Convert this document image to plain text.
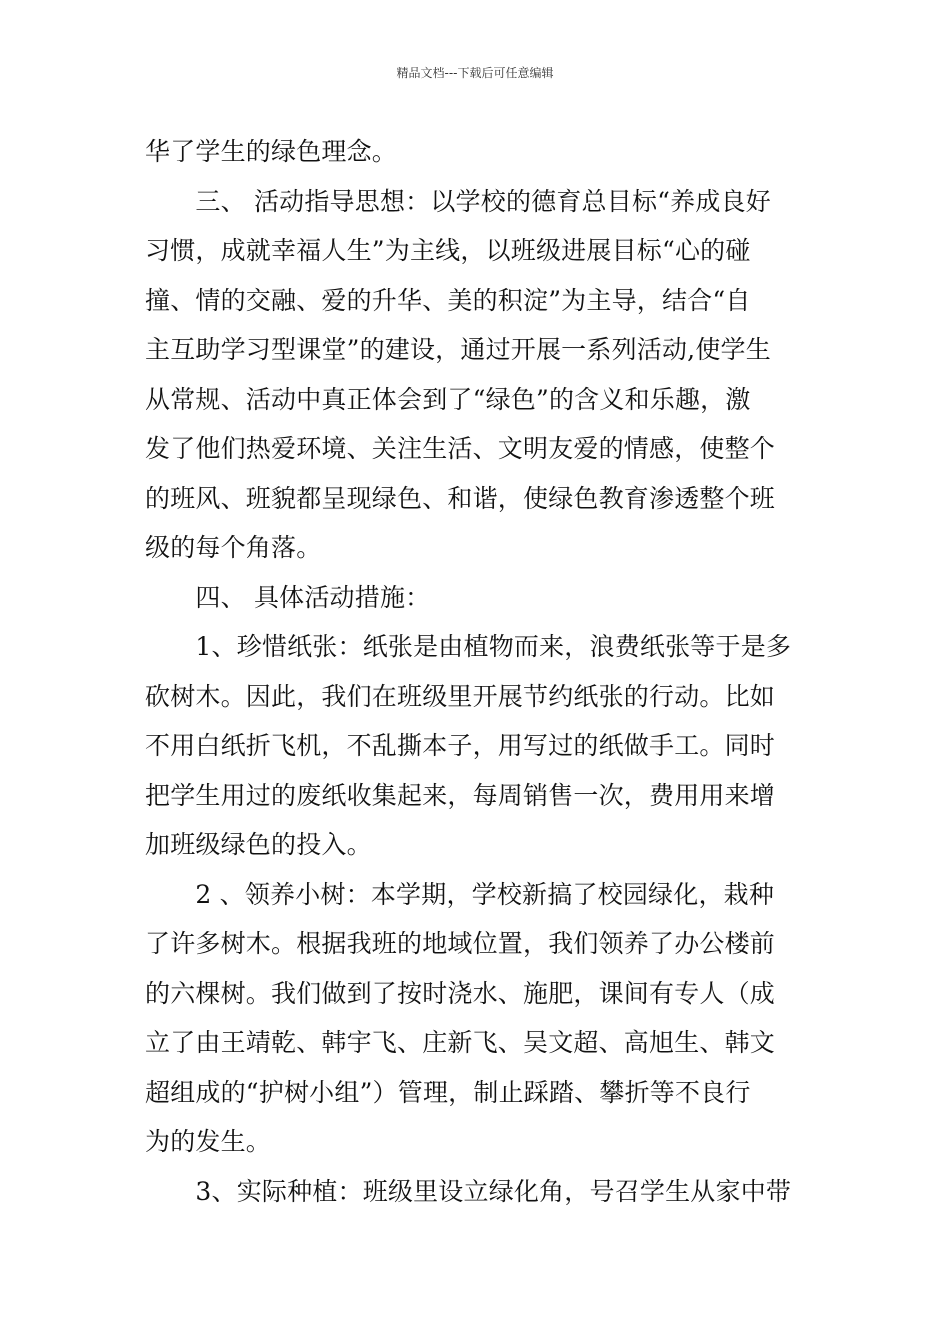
精品文档---下载后可任意编辑
华了学生的绿色理念。
　　三、 活动指导思想：以学校的德育总目标“养成良好
习惯，成就幸福人生”为主线，以班级进展目标“心的碰
撞、情的交融、爱的升华、美的积淀”为主导，结合“自
主互助学习型课堂”的建设，通过开展一系列活动,使学生
从常规、活动中真正体会到了“绿色”的含义和乐趣，激
发了他们热爱环境、关注生活、文明友爱的情感，使整个
的班风、班貌都呈现绿色、和谐，使绿色教育渗透整个班
级的每个角落。
　　四、 具体活动措施：
　　1、珍惜纸张：纸张是由植物而来，浪费纸张等于是多
砍树木。因此，我们在班级里开展节约纸张的行动。比如
不用白纸折飞机，不乱撕本子，用写过的纸做手工。同时
把学生用过的废纸收集起来，每周销售一次，费用用来增
加班级绿色的投入。
　　2 、领养小树：本学期，学校新搞了校园绿化，栽种
了许多树木。根据我班的地域位置，我们领养了办公楼前
的六棵树。我们做到了按时浇水、施肥，课间有专人（成
立了由王靖乾、韩宇飞、庄新飞、吴文超、高旭生、韩文
超组成的“护树小组”）管理，制止踩踏、攀折等不良行
为的发生。
　　3、实际种植：班级里设立绿化角，号召学生从家中带
